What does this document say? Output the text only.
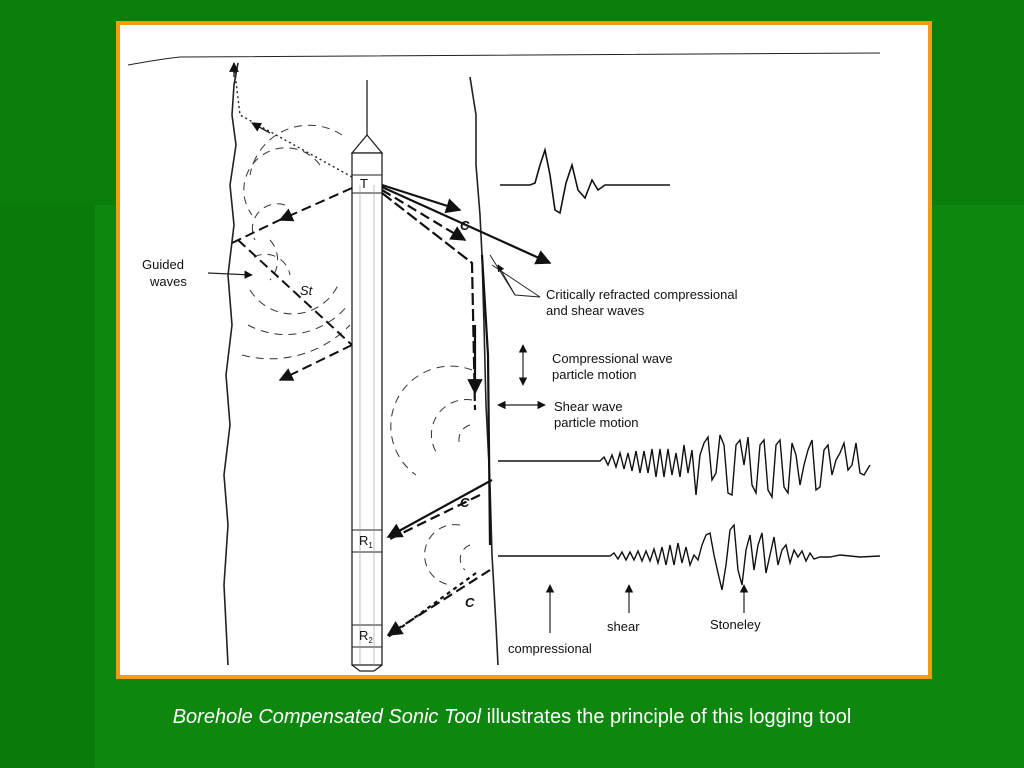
T
$R_1$
$R_2$
St
C
C
C
Guided
waves
Critically refracted compressional
and shear waves
Compressional wave
particle motion
Shear wave
particle motion
compressional
shear	Stoneley
Borehole Compensated Sonic Tool illustrates the principle of this logging tool
